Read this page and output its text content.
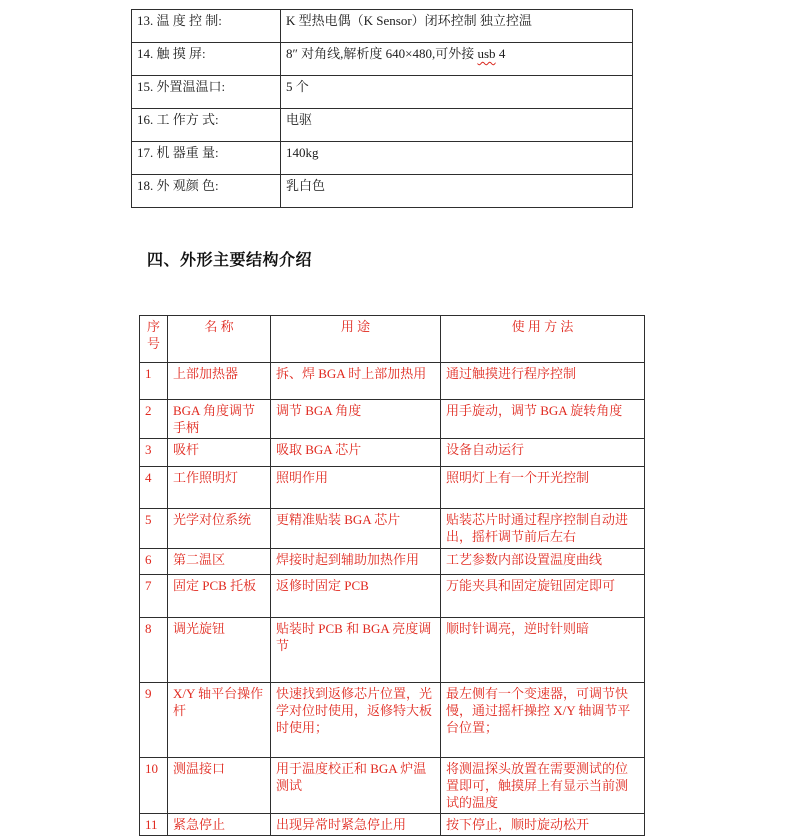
13. 温 度 控 制:	K 型热电偶（K Sensor）闭环控制 独立控温
14. 触 摸 屏:	8″ 对角线,解析度 640×480,可外接 usb 4
15. 外置温温口:	5 个
16. 工 作方 式:	电驱
17. 机 器重 量:	140kg
18. 外 观颜 色:	乳白色
四、外形主要结构介绍
序号	名 称	用 途	使 用 方 法
1	上部加热器	拆、焊 BGA 时上部加热用	通过触摸进行程序控制
2	BGA 角度调节手柄	调节 BGA 角度	用手旋动，调节 BGA 旋转角度
3	吸杆	吸取 BGA 芯片	设备自动运行
4	工作照明灯	照明作用	照明灯上有一个开光控制
5	光学对位系统	更精准贴装 BGA 芯片	贴装芯片时通过程序控制自动进出，摇杆调节前后左右
6	第二温区	焊接时起到辅助加热作用	工艺参数内部设置温度曲线
7	固定 PCB 托板	返修时固定 PCB	万能夹具和固定旋钮固定即可
8	调光旋钮	贴装时 PCB 和 BGA 亮度调节	顺时针调亮，逆时针则暗
9	X/Y 轴平台操作杆	快速找到返修芯片位置，光学对位时使用，返修特大板时使用；	最左侧有一个变速器，可调节快慢，通过摇杆操控 X/Y 轴调节平台位置；
10	测温接口	用于温度校正和 BGA 炉温测试	将测温探头放置在需要测试的位置即可，触摸屏上有显示当前测试的温度
11	紧急停止	出现异常时紧急停止用	按下停止，顺时旋动松开
